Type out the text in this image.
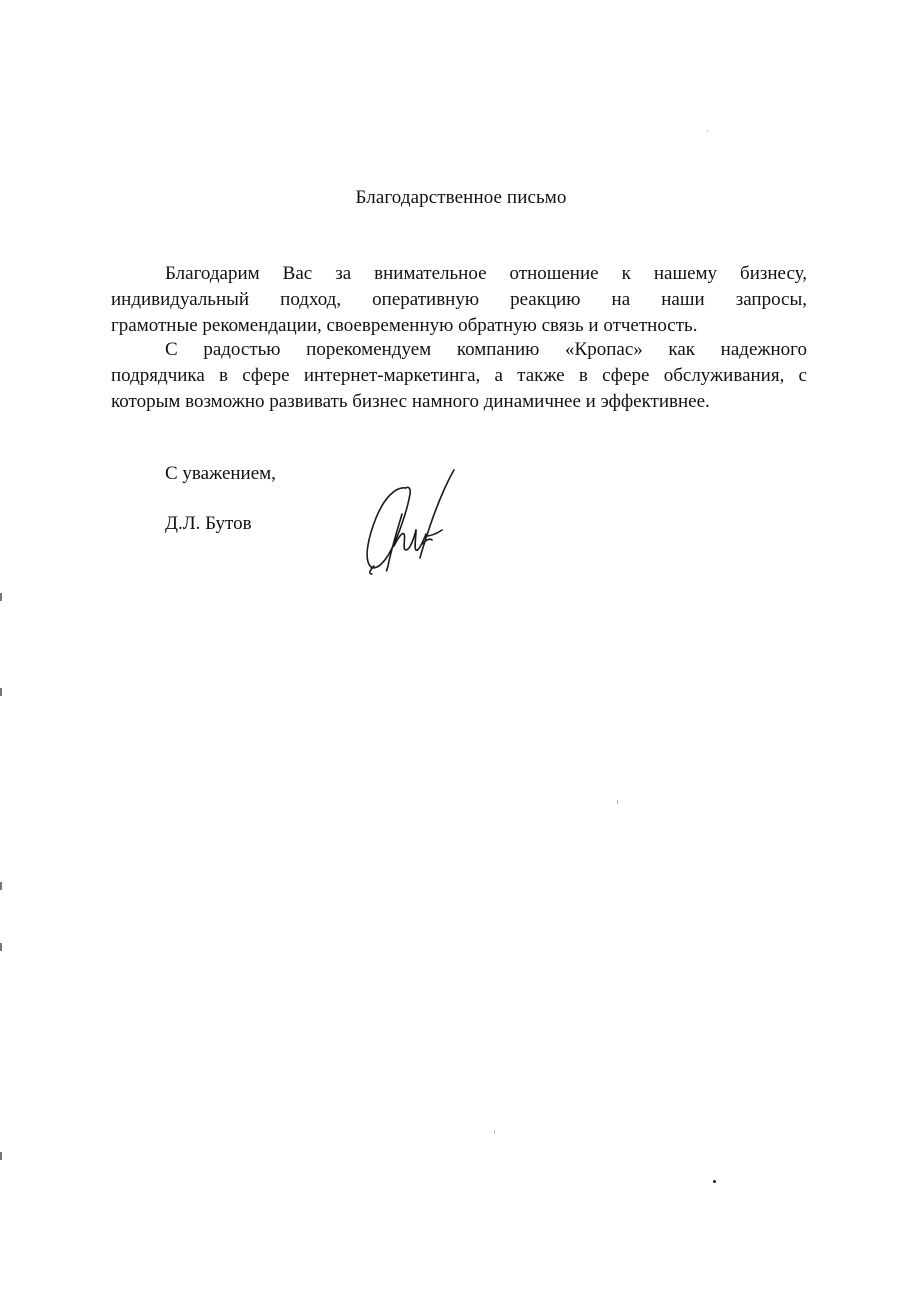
Благодарственное письмо
Благодарим Вас за внимательное отношение к нашему бизнесу,
индивидуальный подход, оперативную реакцию на наши запросы,
грамотные рекомендации, своевременную обратную связь и отчетность.
С радостью порекомендуем компанию «Кропас» как надежного
подрядчика в сфере интернет-маркетинга, а также в сфере обслуживания, с
которым возможно развивать бизнес намного динамичнее и эффективнее.
С уважением,
Д.Л. Бутов
